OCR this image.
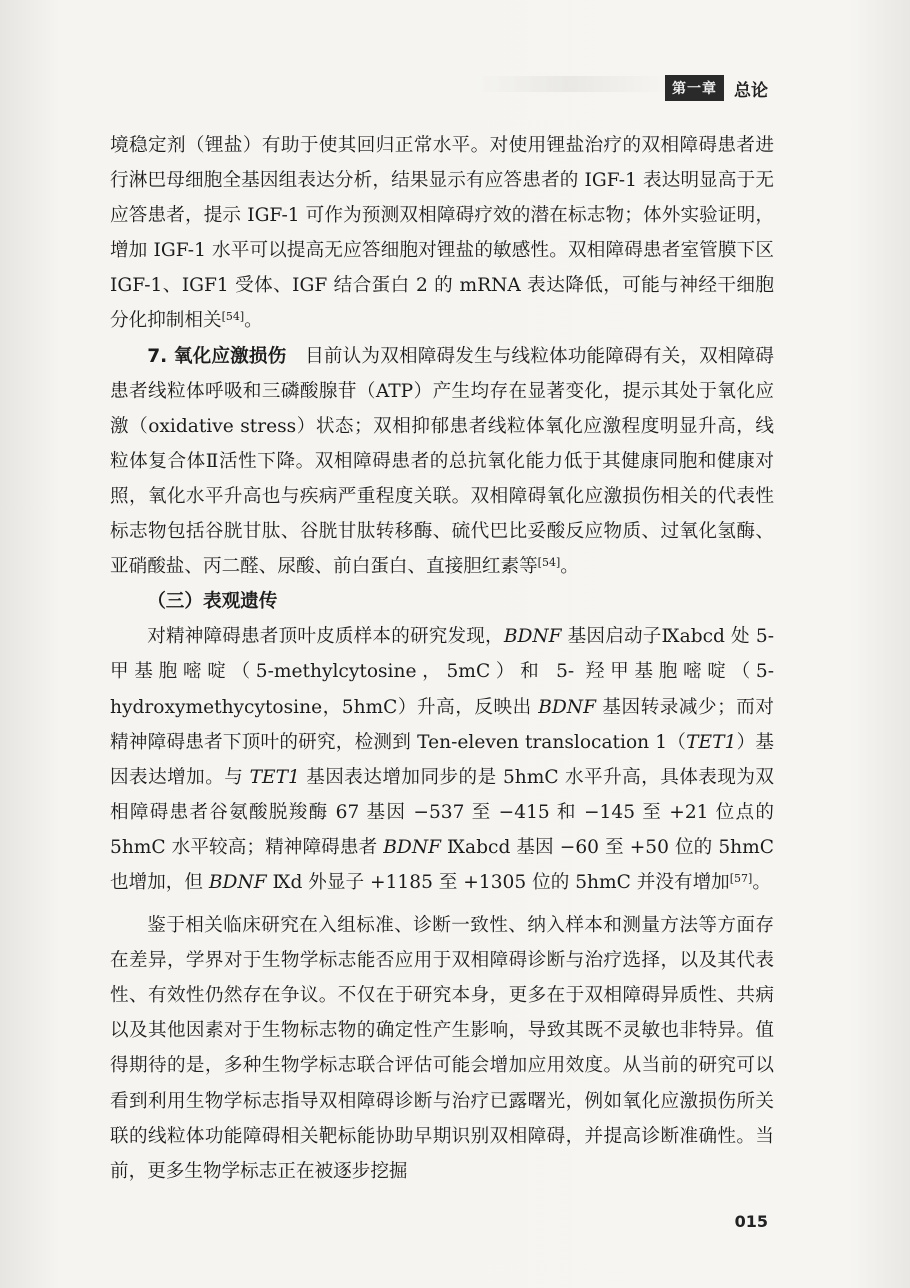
第一章	总论

境稳定剂（锂盐）有助于使其回归正常水平。对使用锂盐治疗的双相障碍患者进行淋巴母细胞全基因组表达分析，结果显示有应答患者的 IGF-1 表达明显高于无应答患者，提示 IGF-1 可作为预测双相障碍疗效的潜在标志物；体外实验证明，增加 IGF-1 水平可以提高无应答细胞对锂盐的敏感性。双相障碍患者室管膜下区 IGF-1、IGF1 受体、IGF 结合蛋白 2 的 mRNA 表达降低，可能与神经干细胞分化抑制相关[54]。

7. 氧化应激损伤　 目前认为双相障碍发生与线粒体功能障碍有关，双相障碍患者线粒体呼吸和三磷酸腺苷（ATP）产生均存在显著变化，提示其处于氧化应激（oxidative stress）状态；双相抑郁患者线粒体氧化应激程度明显升高，线粒体复合体Ⅱ活性下降。双相障碍患者的总抗氧化能力低于其健康同胞和健康对照，氧化水平升高也与疾病严重程度关联。双相障碍氧化应激损伤相关的代表性标志物包括谷胱甘肽、谷胱甘肽转移酶、硫代巴比妥酸反应物质、过氧化氢酶、亚硝酸盐、丙二醛、尿酸、前白蛋白、直接胆红素等[54]。

（三）表观遗传

对精神障碍患者顶叶皮质样本的研究发现，BDNF 基因启动子Ⅸabcd 处 5- 甲基胞嘧啶（5-methylcytosine，5mC）和 5- 羟甲基胞嘧啶（5-hydroxymethycytosine，5hmC）升高，反映出 BDNF 基因转录减少；而对精神障碍患者下顶叶的研究，检测到 Ten-eleven translocation 1（TET1）基因表达增加。与 TET1 基因表达增加同步的是 5hmC 水平升高，具体表现为双相障碍患者谷氨酸脱羧酶 67 基因 −537 至 −415 和 −145 至 +21 位点的 5hmC 水平较高；精神障碍患者 BDNF Ⅸabcd 基因 −60 至 +50 位的 5hmC 也增加，但 BDNF Ⅸd 外显子 +1185 至 +1305 位的 5hmC 并没有增加[57]。

鉴于相关临床研究在入组标准、诊断一致性、纳入样本和测量方法等方面存在差异，学界对于生物学标志能否应用于双相障碍诊断与治疗选择，以及其代表性、有效性仍然存在争议。不仅在于研究本身，更多在于双相障碍异质性、共病以及其他因素对于生物标志物的确定性产生影响，导致其既不灵敏也非特异。值得期待的是，多种生物学标志联合评估可能会增加应用效度。从当前的研究可以看到利用生物学标志指导双相障碍诊断与治疗已露曙光，例如氧化应激损伤所关联的线粒体功能障碍相关靶标能协助早期识别双相障碍，并提高诊断准确性。当前，更多生物学标志正在被逐步挖掘

015
